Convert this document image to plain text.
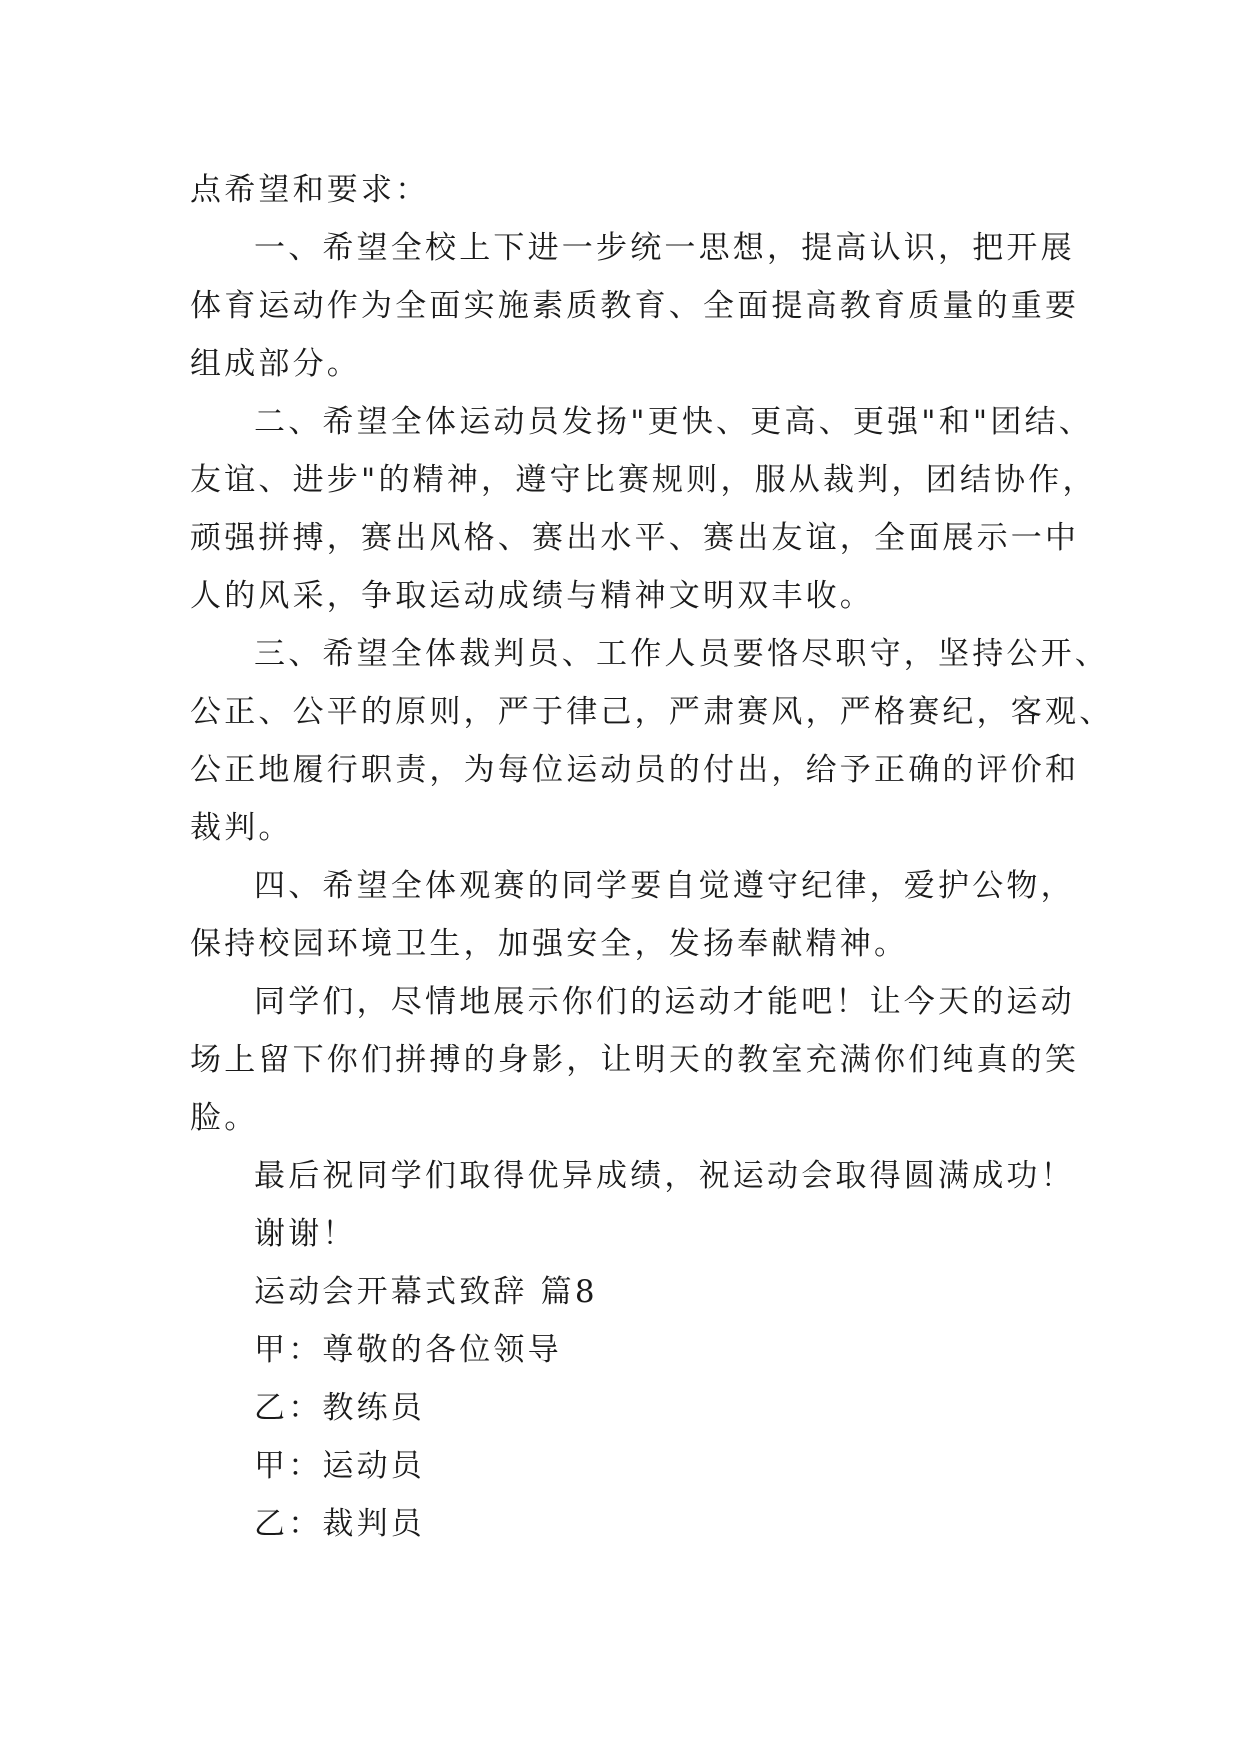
点希望和要求：
一、希望全校上下进一步统一思想，提高认识，把开展
体育运动作为全面实施素质教育、全面提高教育质量的重要
组成部分。
二、希望全体运动员发扬"更快、更高、更强"和"团结、
友谊、进步"的精神，遵守比赛规则，服从裁判，团结协作，
顽强拼搏，赛出风格、赛出水平、赛出友谊，全面展示一中
人的风采，争取运动成绩与精神文明双丰收。
三、希望全体裁判员、工作人员要恪尽职守，坚持公开、
公正、公平的原则，严于律己，严肃赛风，严格赛纪，客观、
公正地履行职责，为每位运动员的付出，给予正确的评价和
裁判。
四、希望全体观赛的同学要自觉遵守纪律，爱护公物，
保持校园环境卫生，加强安全，发扬奉献精神。
同学们，尽情地展示你们的运动才能吧！让今天的运动
场上留下你们拼搏的身影，让明天的教室充满你们纯真的笑
脸。
最后祝同学们取得优异成绩，祝运动会取得圆满成功！
谢谢！
运动会开幕式致辞 篇8
甲：尊敬的各位领导
乙：教练员
甲：运动员
乙：裁判员
